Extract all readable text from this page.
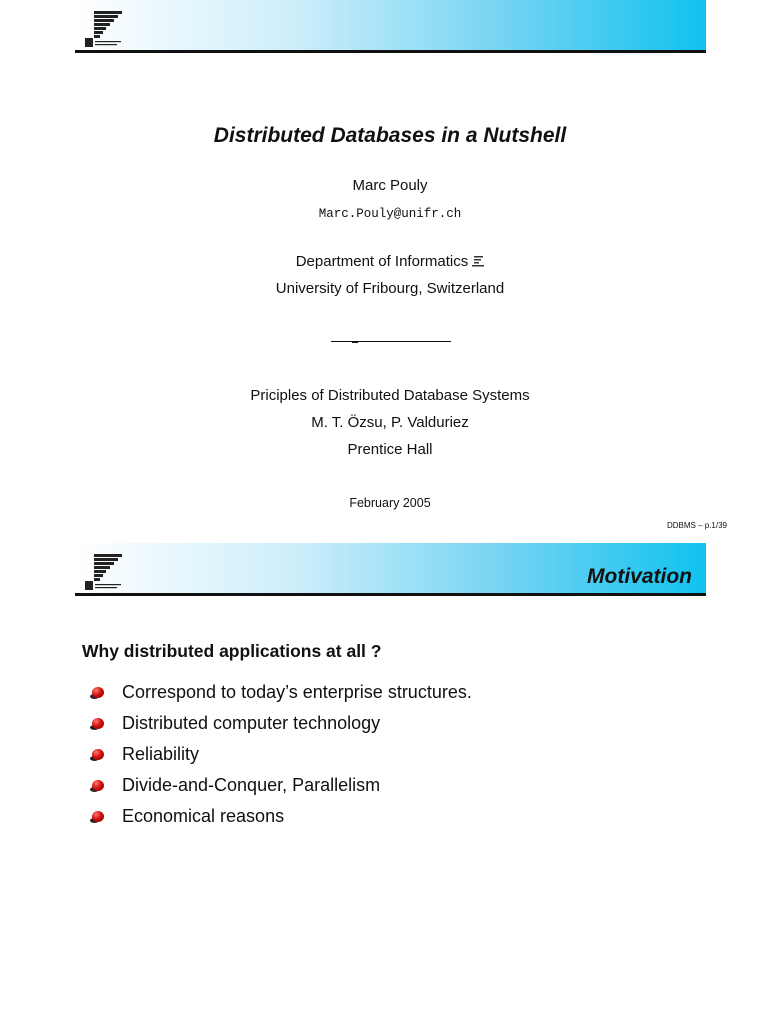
Distributed Databases in a Nutshell
Marc Pouly
Marc.Pouly@unifr.ch
Department of Informatics
University of Fribourg, Switzerland
Priciples of Distributed Database Systems
M. T. Özsu, P. Valduriez
Prentice Hall
February 2005
DDBMS – p.1/39
Motivation
Why distributed applications at all ?
Correspond to today’s enterprise structures.
Distributed computer technology
Reliability
Divide-and-Conquer, Parallelism
Economical reasons
